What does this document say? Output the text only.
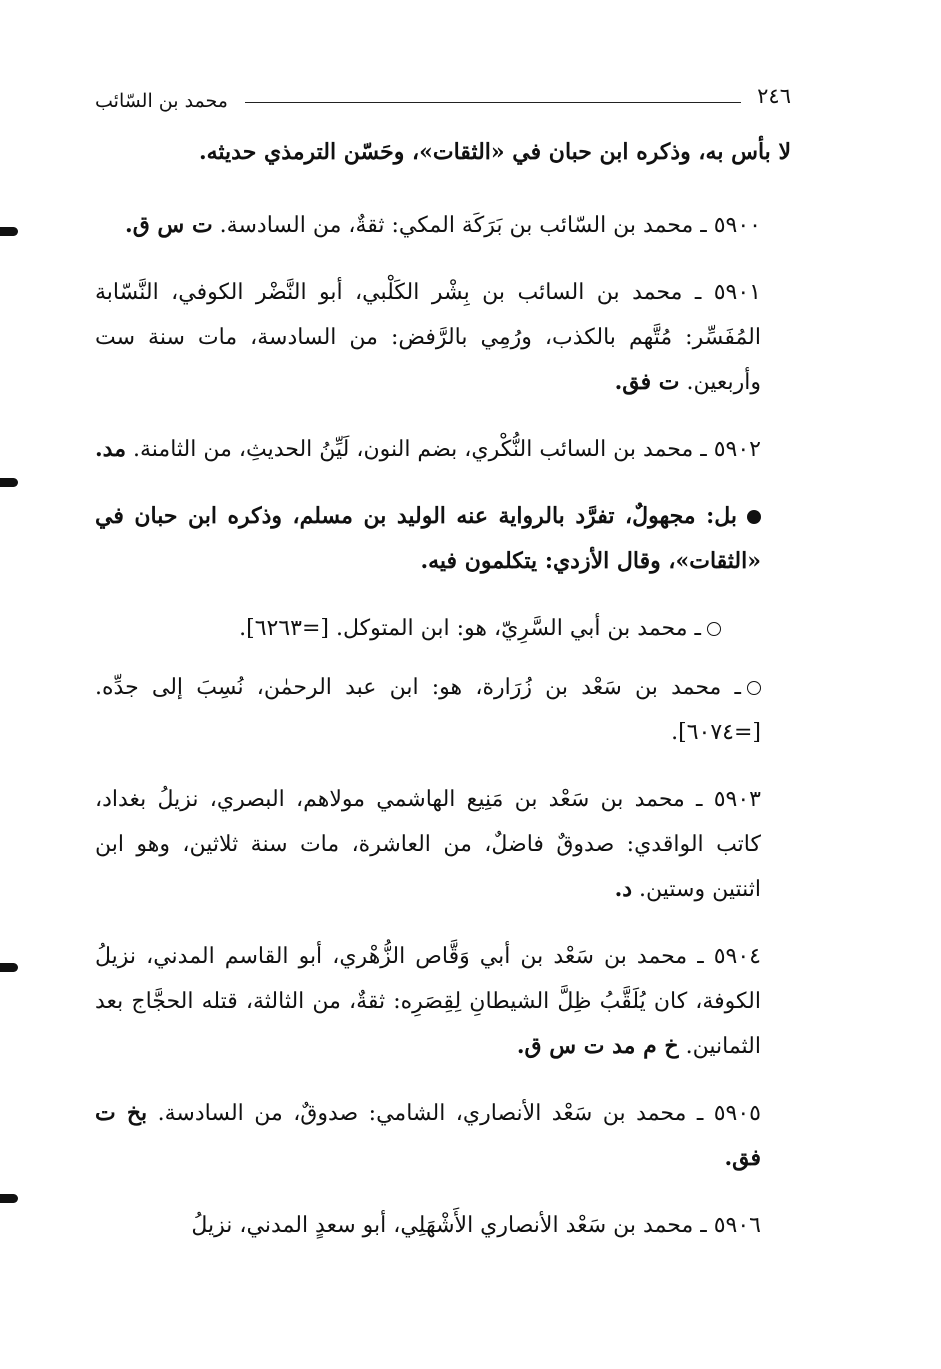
٢٤٦
محمد بن السّائب

لا بأس به، وذكره ابن حبان في «الثقات»، وحَسّن الترمذي حديثه.

٥٩٠٠ ـ محمد بن السّائب بن بَرَكَة المكي: ثقةٌ، من السادسة. ت س ق.

٥٩٠١ ـ محمد بن السائب بن بِشْر الكَلْبي، أبو النَّضْر الكوفي، النَّسّابة المُفَسِّر: مُتَّهم بالكذب، ورُمِي بالرَّفض: من السادسة، مات سنة ست وأربعين. ت فق.

٥٩٠٢ ـ محمد بن السائب النُّكْري، بضم النون، لَيِّنُ الحديثِ، من الثامنة. مد.

بل: مجهولٌ، تفرَّد بالرواية عنه الوليد بن مسلم، وذكره ابن حبان في «الثقات»، وقال الأزدي: يتكلمون فيه.

ـ محمد بن أبي السَّرِيّ، هو: ابن المتوكل. [=٦٢٦٣].

ـ محمد بن سَعْد بن زُرَارة، هو: ابن عبد الرحمٰن، نُسِبَ إلى جدِّه. [=٦٠٧٤].

٥٩٠٣ ـ محمد بن سَعْد بن مَنِيع الهاشمي مولاهم، البصري، نزيلُ بغداد، كاتب الواقدي: صدوقٌ فاضلٌ، من العاشرة، مات سنة ثلاثين، وهو ابن اثنتين وستين. د.

٥٩٠٤ ـ محمد بن سَعْد بن أبي وَقَّاص الزُّهْري، أبو القاسم المدني، نزيلُ الكوفة، كان يُلَقَّبُ ظِلَّ الشيطانِ لِقِصَرِه: ثقةٌ، من الثالثة، قتله الحجَّاج بعد الثمانين. خ م مد ت س ق.

٥٩٠٥ ـ محمد بن سَعْد الأنصاري، الشامي: صدوقٌ، من السادسة. بخ ت فق.

٥٩٠٦ ـ محمد بن سَعْد الأنصاري الأَشْهَلِي، أبو سعدٍ المدني، نزيلُ
